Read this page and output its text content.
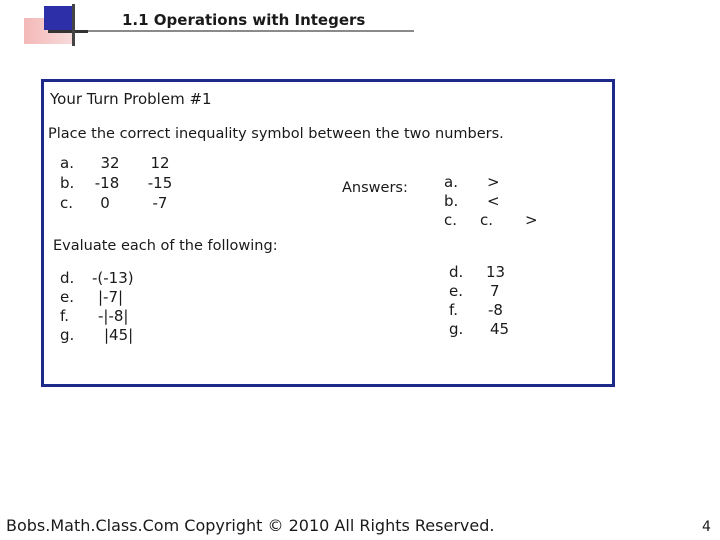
1.1 Operations with Integers
Your Turn Problem #1
Place the correct inequality symbol between the two numbers.
a.	32	12
b.	-18	-15
c.	0	-7
Answers: a. >
b. <
c. c. >
Evaluate each of the following:
d. -(-13)
e. |-7|
f. -|-8|
g. |45|
d. 13
e. 7
f. -8
g. 45
Bobs.Math.Class.Com Copyright © 2010 All Rights Reserved.	4
